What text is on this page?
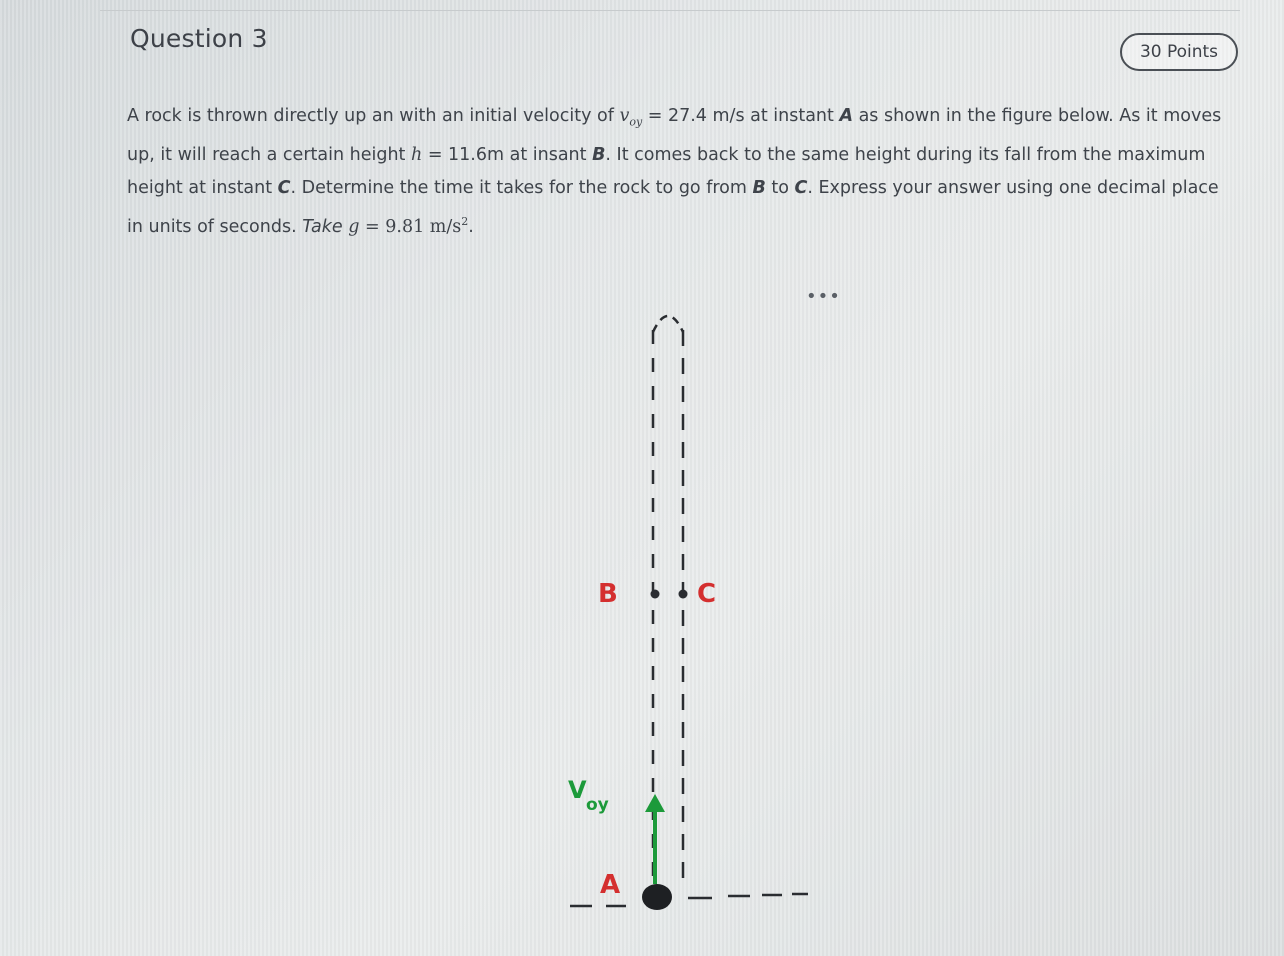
Question 3	30 Points
A rock is thrown directly up an with an initial velocity of $v_{oy} = 27.4$ m/s at instant A as shown in the figure below. As it moves up, it will reach a certain height h = 11.6m at insant B. It comes back to the same height during its fall from the maximum height at instant C. Determine the time it takes for the rock to go from B to C. Express your answer using one decimal place in units of seconds. Take g = 9.81 $m/s^2$.
•••
B	C
A
V
oy
